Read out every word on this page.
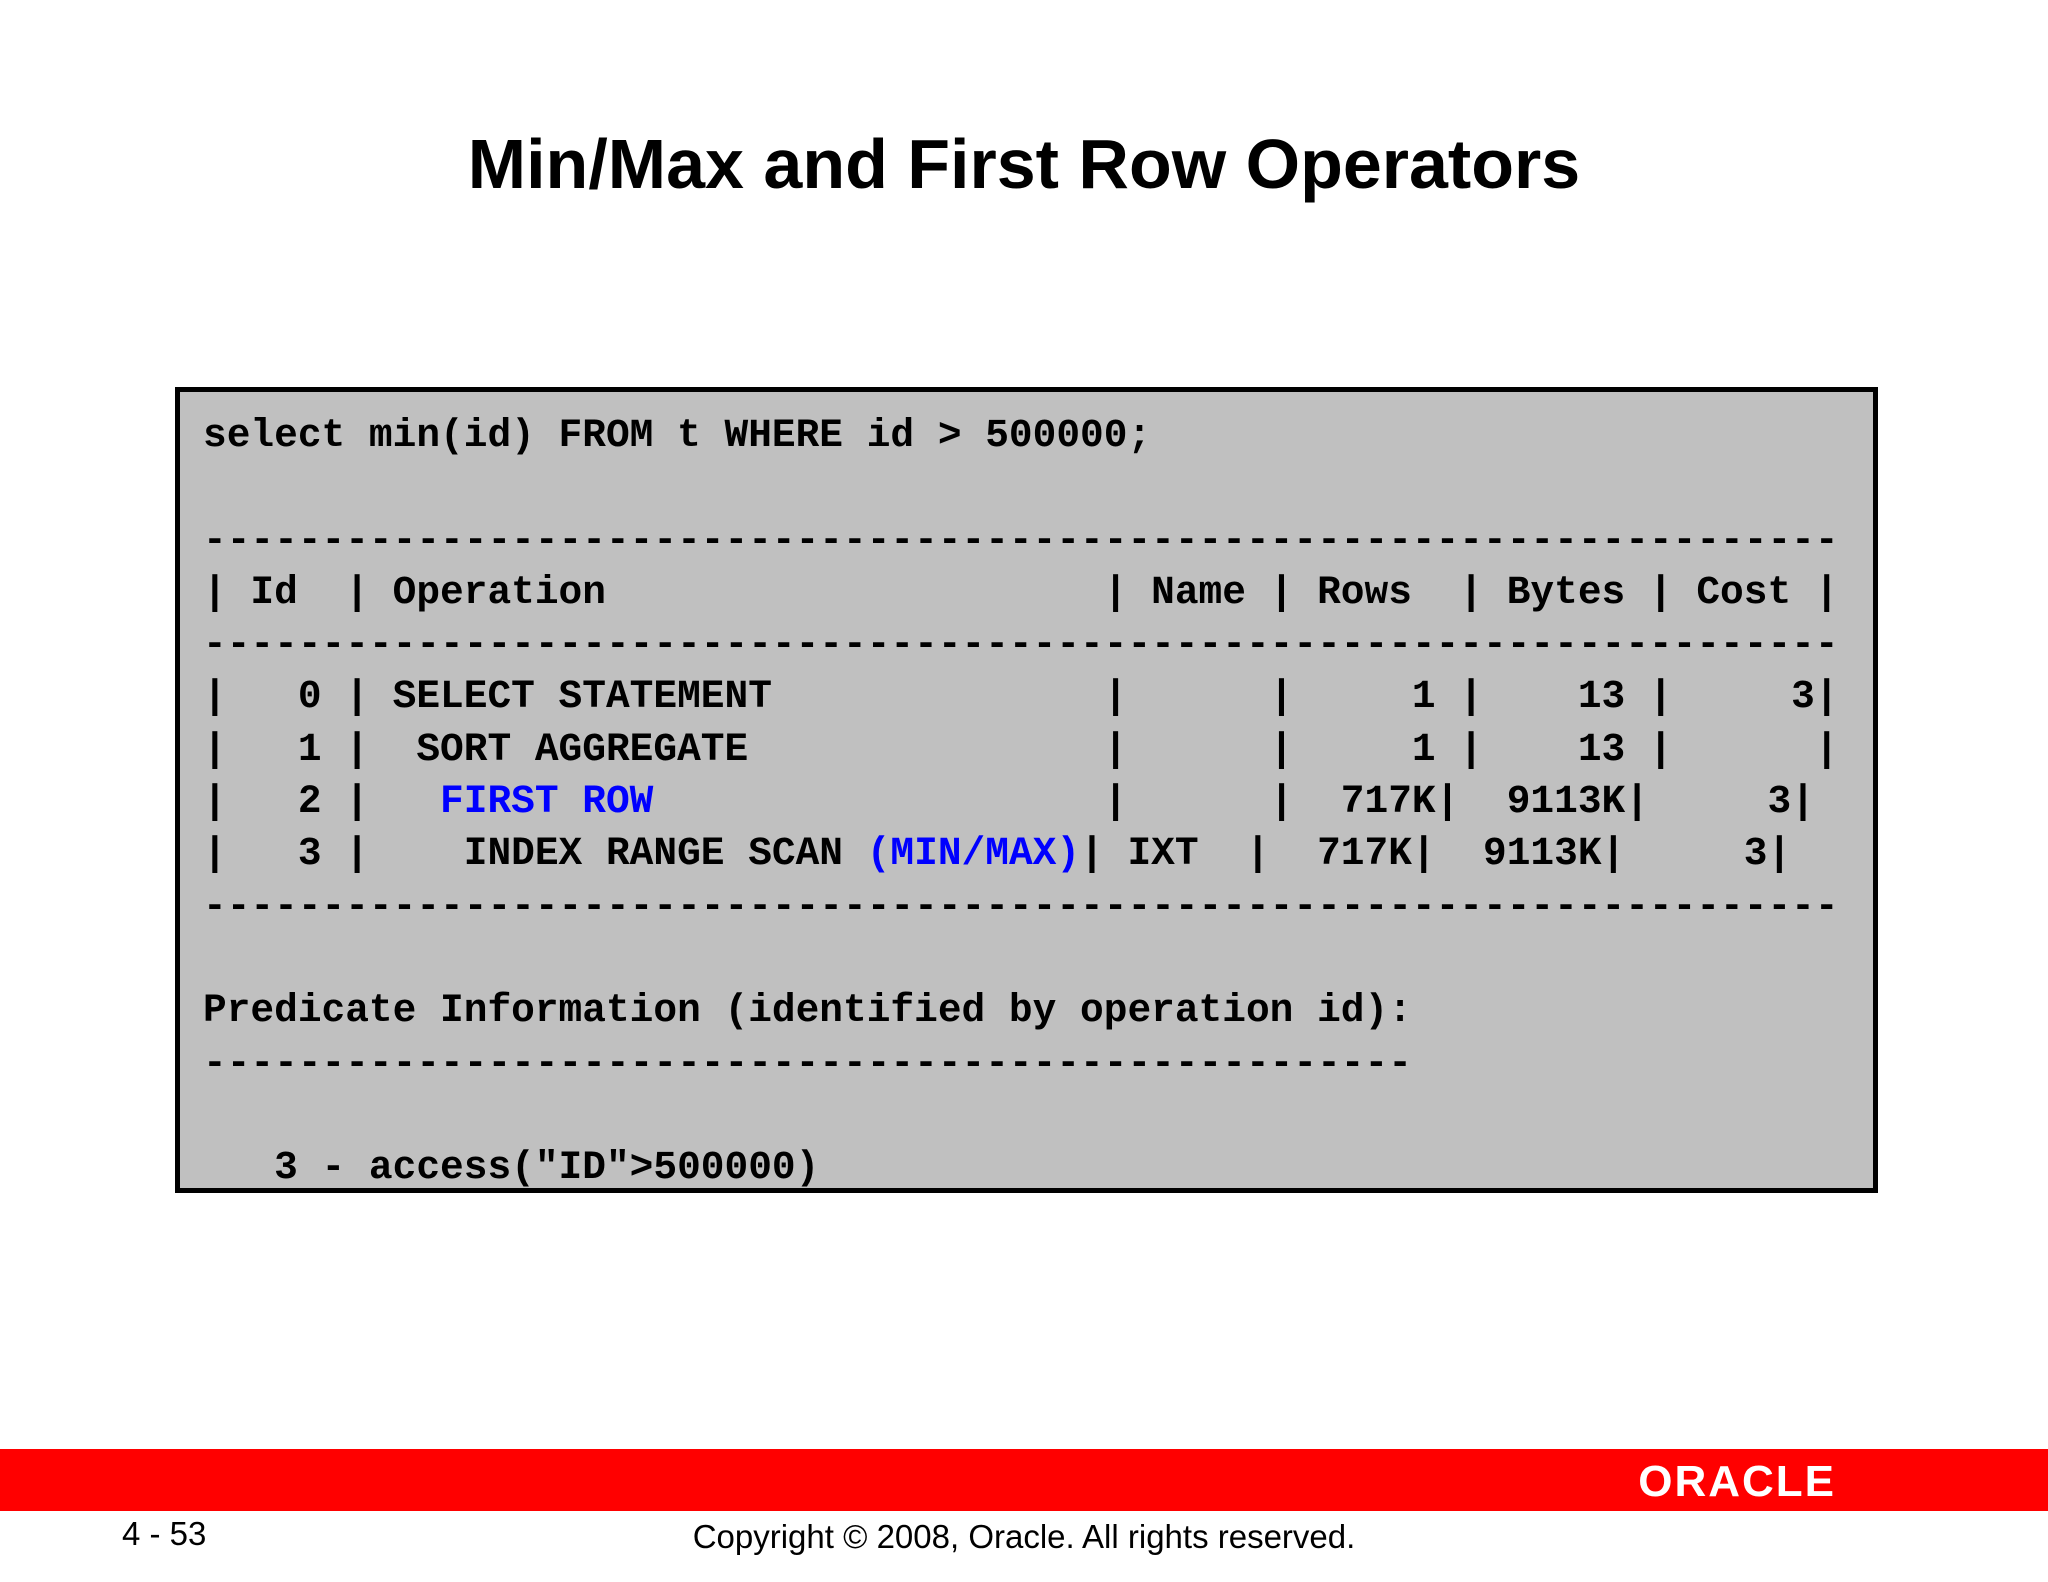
Min/Max and First Row Operators
select min(id) FROM t WHERE id > 500000;

---------------------------------------------------------------------
| Id  | Operation                     | Name | Rows  | Bytes | Cost |
---------------------------------------------------------------------
|   0 | SELECT STATEMENT              |      |     1 |    13 |     3|
|   1 |  SORT AGGREGATE               |      |     1 |    13 |      |
|   2 |   FIRST ROW                   |      |  717K|  9113K|     3|
|   3 |    INDEX RANGE SCAN (MIN/MAX)| IXT  |  717K|  9113K|     3|
---------------------------------------------------------------------

Predicate Information (identified by operation id):
---------------------------------------------------

3 - access("ID">500000)
ORACLE
4 - 53	Copyright © 2008, Oracle. All rights reserved.
